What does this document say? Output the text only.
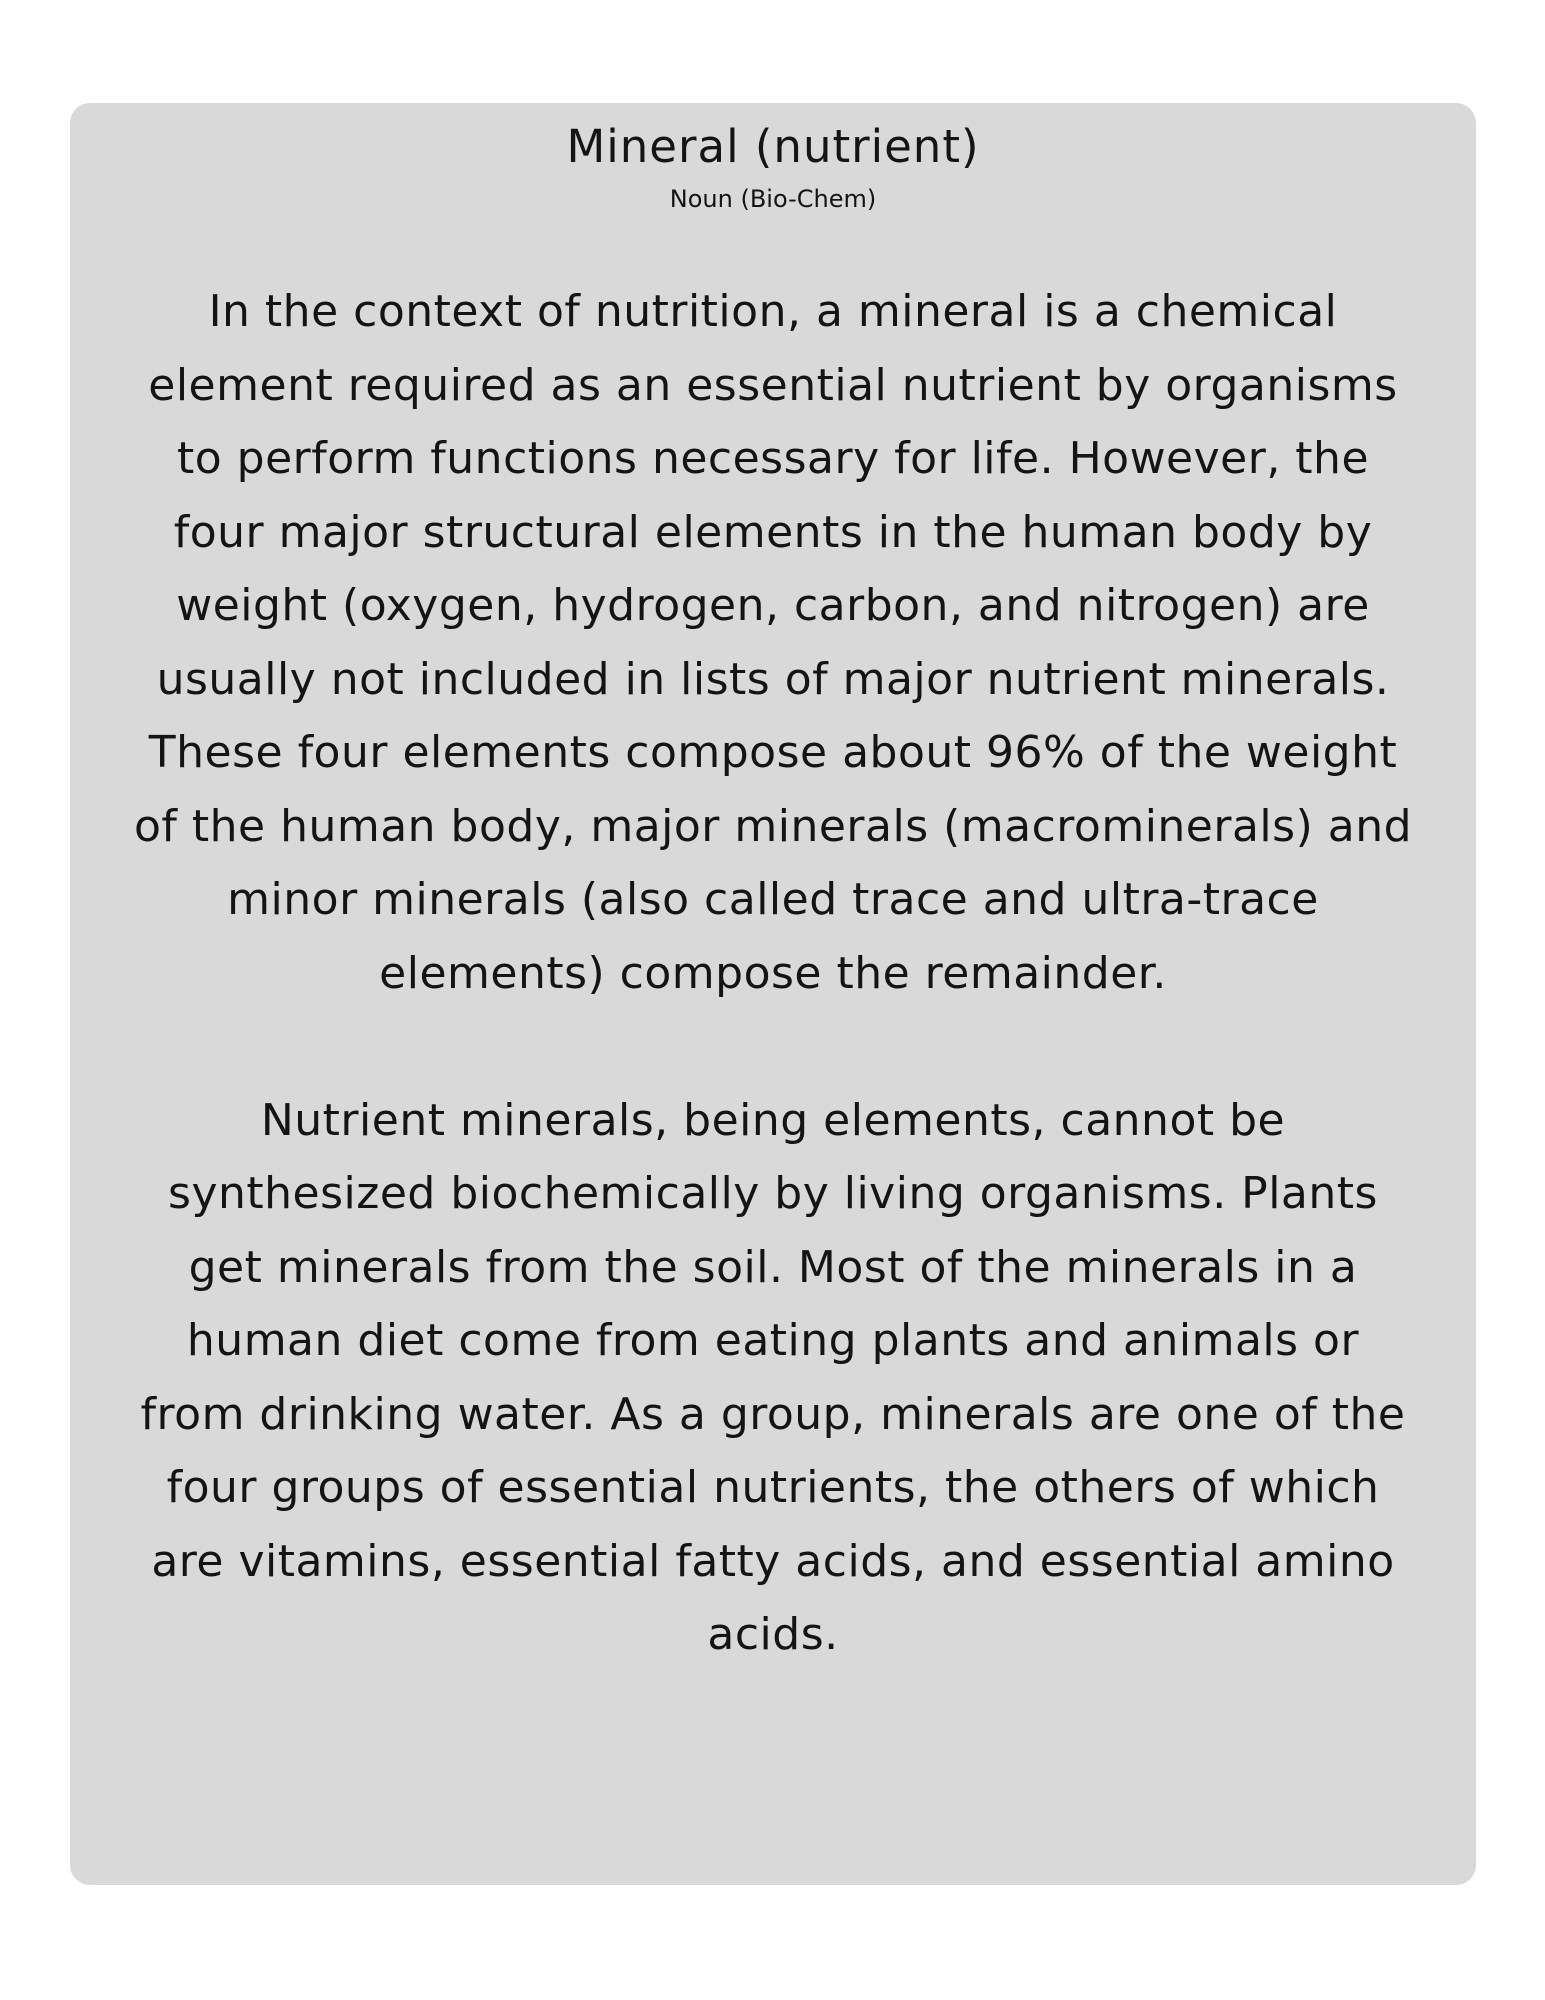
Mineral (nutrient)

Noun (Bio-Chem)

In the context of nutrition, a mineral is a chemical element required as an essential nutrient by organisms to perform functions necessary for life. However, the four major structural elements in the human body by weight (oxygen, hydrogen, carbon, and nitrogen) are usually not included in lists of major nutrient minerals. These four elements compose about 96% of the weight of the human body, major minerals (macrominerals) and minor minerals (also called trace and ultra-trace elements) compose the remainder.

Nutrient minerals, being elements, cannot be synthesized biochemically by living organisms. Plants get minerals from the soil. Most of the minerals in a human diet come from eating plants and animals or from drinking water. As a group, minerals are one of the four groups of essential nutrients, the others of which are vitamins, essential fatty acids, and essential amino acids.
